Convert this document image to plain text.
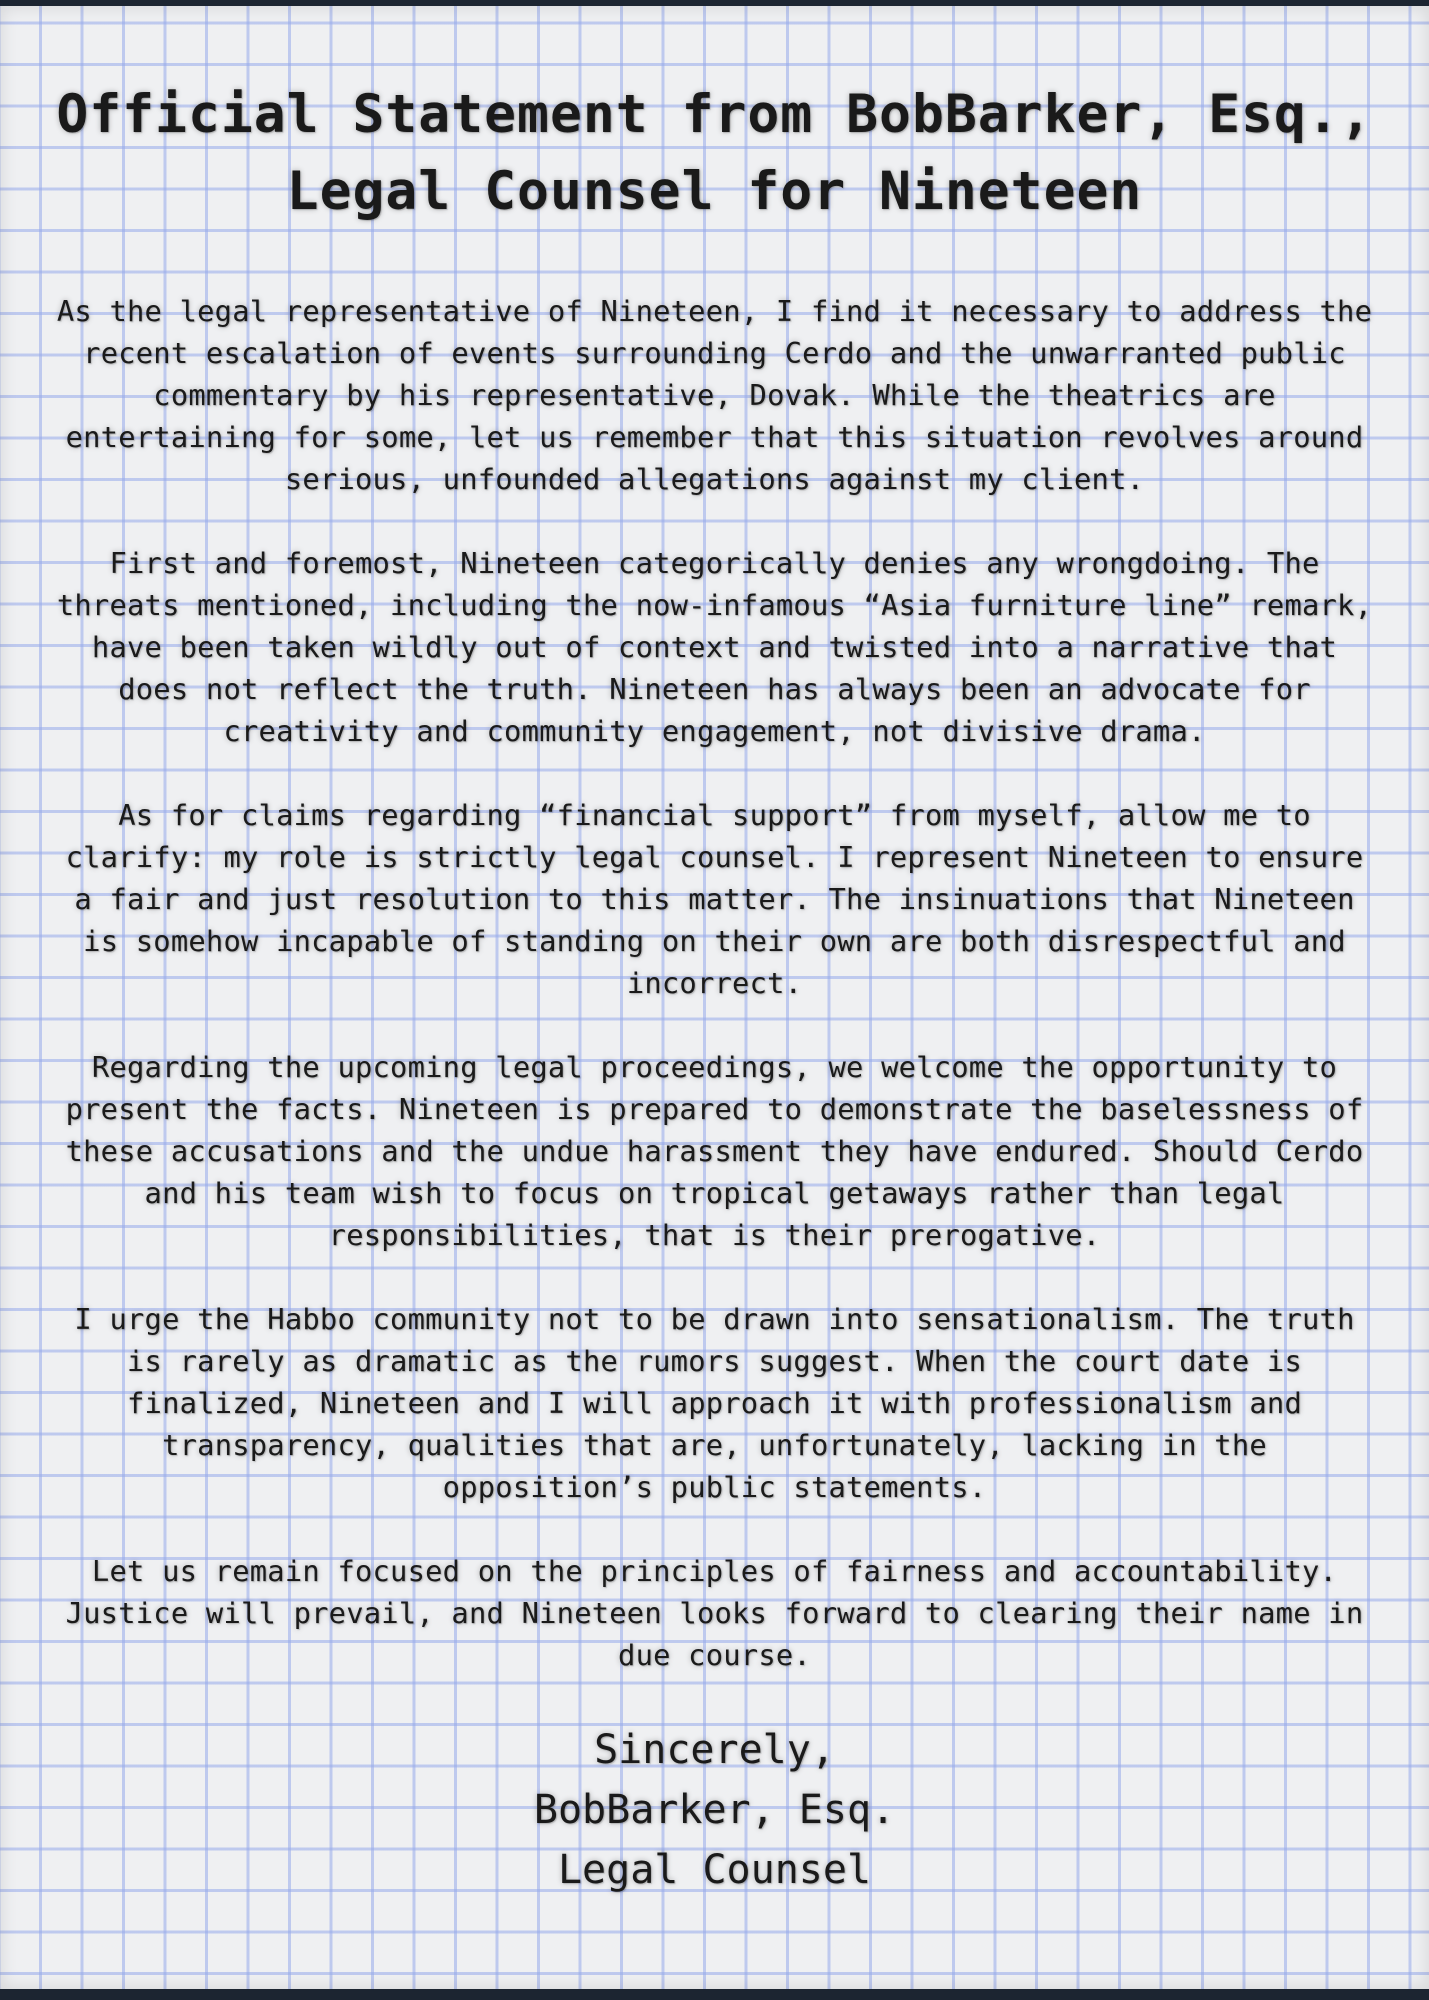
Official Statement from BobBarker, Esq.,
Legal Counsel for Nineteen

As the legal representative of Nineteen, I find it necessary to address the recent escalation of events surrounding Cerdo and the unwarranted public commentary by his representative, Dovak. While the theatrics are entertaining for some, let us remember that this situation revolves around serious, unfounded allegations against my client.

First and foremost, Nineteen categorically denies any wrongdoing. The threats mentioned, including the now-infamous “Asia furniture line” remark, have been taken wildly out of context and twisted into a narrative that does not reflect the truth. Nineteen has always been an advocate for creativity and community engagement, not divisive drama.

As for claims regarding “financial support” from myself, allow me to clarify: my role is strictly legal counsel. I represent Nineteen to ensure a fair and just resolution to this matter. The insinuations that Nineteen is somehow incapable of standing on their own are both disrespectful and incorrect.

Regarding the upcoming legal proceedings, we welcome the opportunity to present the facts. Nineteen is prepared to demonstrate the baselessness of these accusations and the undue harassment they have endured. Should Cerdo and his team wish to focus on tropical getaways rather than legal responsibilities, that is their prerogative.

I urge the Habbo community not to be drawn into sensationalism. The truth is rarely as dramatic as the rumors suggest. When the court date is finalized, Nineteen and I will approach it with professionalism and transparency, qualities that are, unfortunately, lacking in the opposition’s public statements.

Let us remain focused on the principles of fairness and accountability. Justice will prevail, and Nineteen looks forward to clearing their name in due course.

Sincerely,
BobBarker, Esq.
Legal Counsel
